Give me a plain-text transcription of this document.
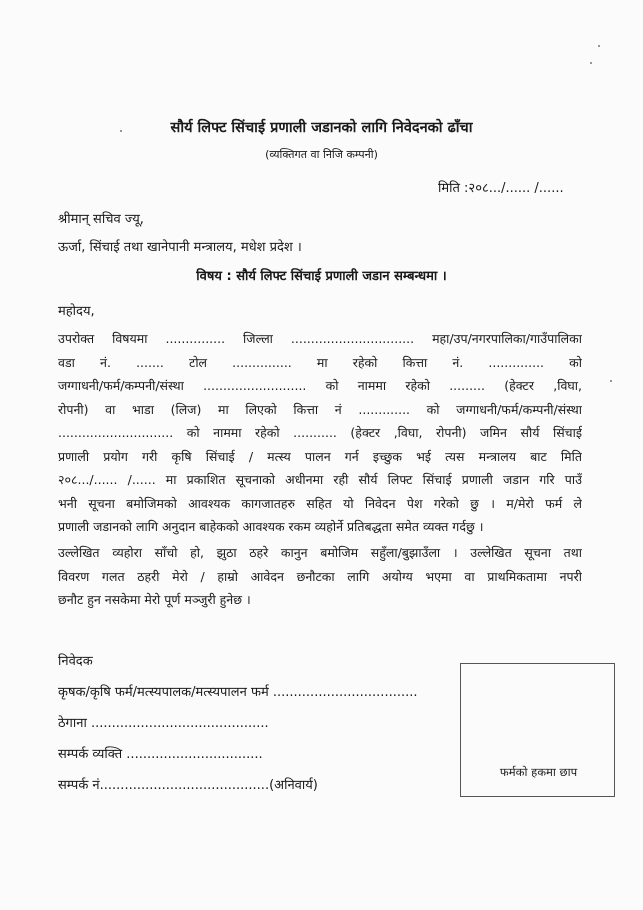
सौर्य लिफ्ट सिंचाई प्रणाली जडानको लागि निवेदनको ढाँचा
(व्यक्तिगत वा निजि कम्पनी)
मिति :२०८.../...... /......
श्रीमान् सचिव ज्यू,
ऊर्जा, सिंचाई तथा खानेपानी मन्त्रालय, मधेश प्रदेश ।
विषय : सौर्य लिफ्ट सिंचाई प्रणाली जडान सम्बन्धमा ।
महोदय,
उपरोक्त विषयमा ............... जिल्ला ............................... महा/उप/नगरपालिका/गाउँपालिका
वडा नं. ....... टोल ............... मा रहेको कित्ता नं. .............. को
जग्गाधनी/फर्म/कम्पनी/संस्था .......................... को नाममा रहेको ......... (हेक्टर ,विघा,
रोपनी) वा भाडा (लिज) मा लिएको कित्ता नं ............. को जग्गाधनी/फर्म/कम्पनी/संस्था
............................. को नाममा रहेको ........... (हेक्टर ,विघा, रोपनी) जमिन सौर्य सिंचाई
प्रणाली प्रयोग गरी कृषि सिंचाई / मत्स्य पालन गर्न इच्छुक भई त्यस मन्त्रालय बाट मिति
२०८.../...... /...... मा प्रकाशित सूचनाको अधीनमा रही सौर्य लिफ्ट सिंचाई प्रणाली जडान गरि पाउँ
भनी सूचना बमोजिमको आवश्यक कागजातहरु सहित यो निवेदन पेश गरेको छु । म/मेरो फर्म ले
प्रणाली जडानको लागि अनुदान बाहेकको आवश्यक रकम व्यहोर्ने प्रतिबद्धता समेत व्यक्त गर्दछु ।
उल्लेखित व्यहोरा साँचो हो, झुठा ठहरे कानुन बमोजिम सहुँला/बुझाउँला । उल्लेखित सूचना तथा
विवरण गलत ठहरी मेरो / हाम्रो आवेदन छनौटका लागि अयोग्य भएमा वा प्राथमिकतामा नपरी
छनौट हुन नसकेमा मेरो पूर्ण मञ्जुरी हुनेछ ।
निवेदक
कृषक/कृषि फर्म/मत्स्यपालक/मत्स्यपालन फर्म ...................................
ठेगाना ...........................................
सम्पर्क व्यक्ति .................................
सम्पर्क नं.........................................(अनिवार्य)
फर्मको हकमा छाप
